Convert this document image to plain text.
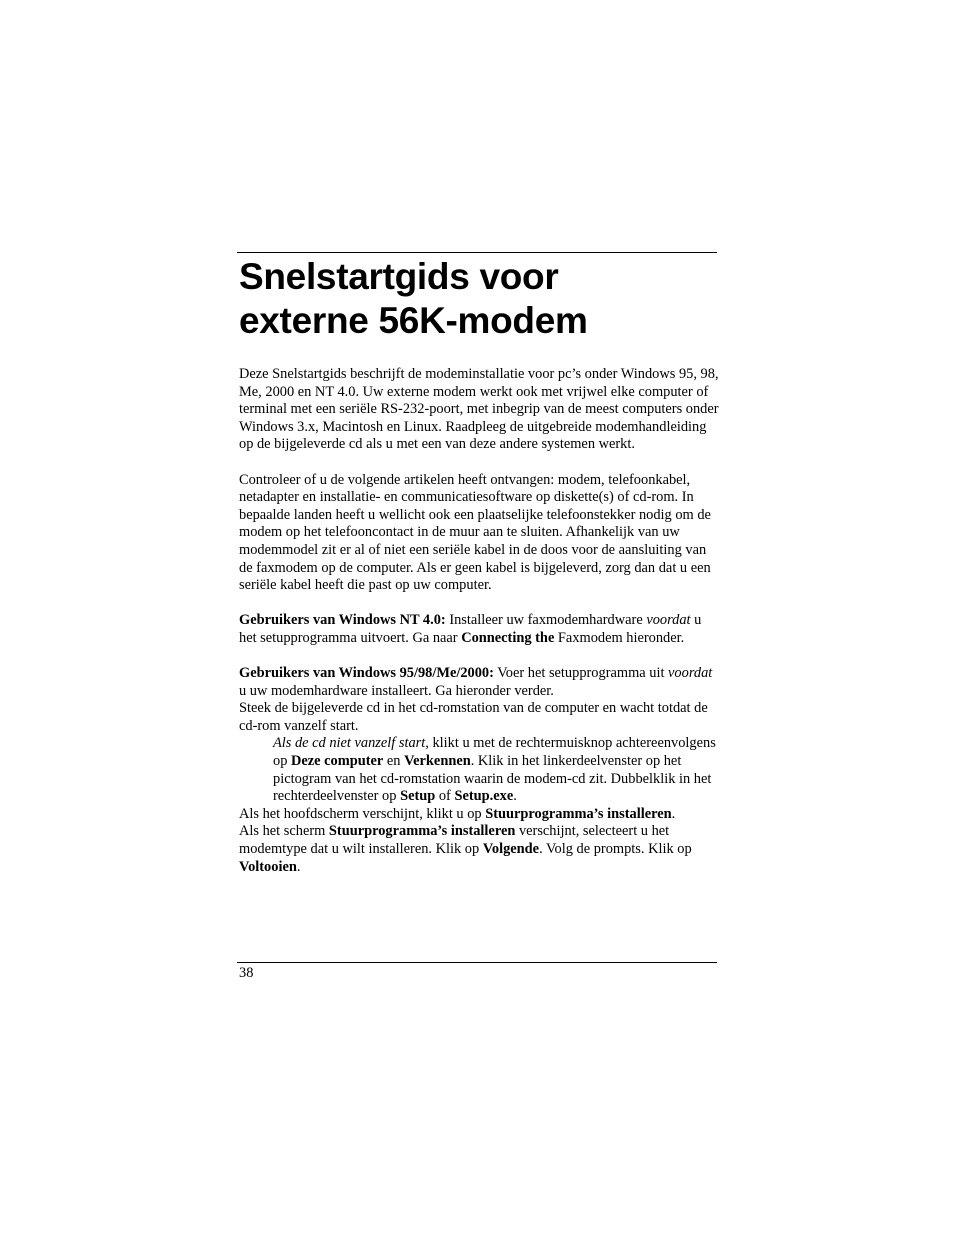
Snelstartgids voor
externe 56K-modem

Deze Snelstartgids beschrijft de modeminstallatie voor pc’s onder Windows 95, 98, Me, 2000 en NT 4.0. Uw externe modem werkt ook met vrijwel elke computer of terminal met een seriële RS-232-poort, met inbegrip van de meest computers onder Windows 3.x, Macintosh en Linux. Raadpleeg de uitgebreide modemhandleiding op de bijgeleverde cd als u met een van deze andere systemen werkt.

Controleer of u de volgende artikelen heeft ontvangen: modem, telefoonkabel, netadapter en installatie- en communicatiesoftware op diskette(s) of cd-rom. In bepaalde landen heeft u wellicht ook een plaatselijke telefoonstekker nodig om de modem op het telefooncontact in de muur aan te sluiten. Afhankelijk van uw modemmodel zit er al of niet een seriële kabel in de doos voor de aansluiting van de faxmodem op de computer. Als er geen kabel is bijgeleverd, zorg dan dat u een seriële kabel heeft die past op uw computer.

Gebruikers van Windows NT 4.0: Installeer uw faxmodemhardware voordat u het setupprogramma uitvoert. Ga naar Connecting the Faxmodem hieronder.

Gebruikers van Windows 95/98/Me/2000: Voer het setupprogramma uit voordat u uw modemhardware installeert. Ga hieronder verder.

Steek de bijgeleverde cd in het cd-romstation van de computer en wacht totdat de cd-rom vanzelf start.

Als de cd niet vanzelf start, klikt u met de rechtermuisknop achtereenvolgens op Deze computer en Verkennen. Klik in het linkerdeelvenster op het pictogram van het cd-romstation waarin de modem-cd zit. Dubbelklik in het rechterdeelvenster op Setup of Setup.exe.

Als het hoofdscherm verschijnt, klikt u op Stuurprogramma’s installeren.

Als het scherm Stuurprogramma’s installeren verschijnt, selecteert u het modemtype dat u wilt installeren. Klik op Volgende. Volg de prompts. Klik op Voltooien.

38
